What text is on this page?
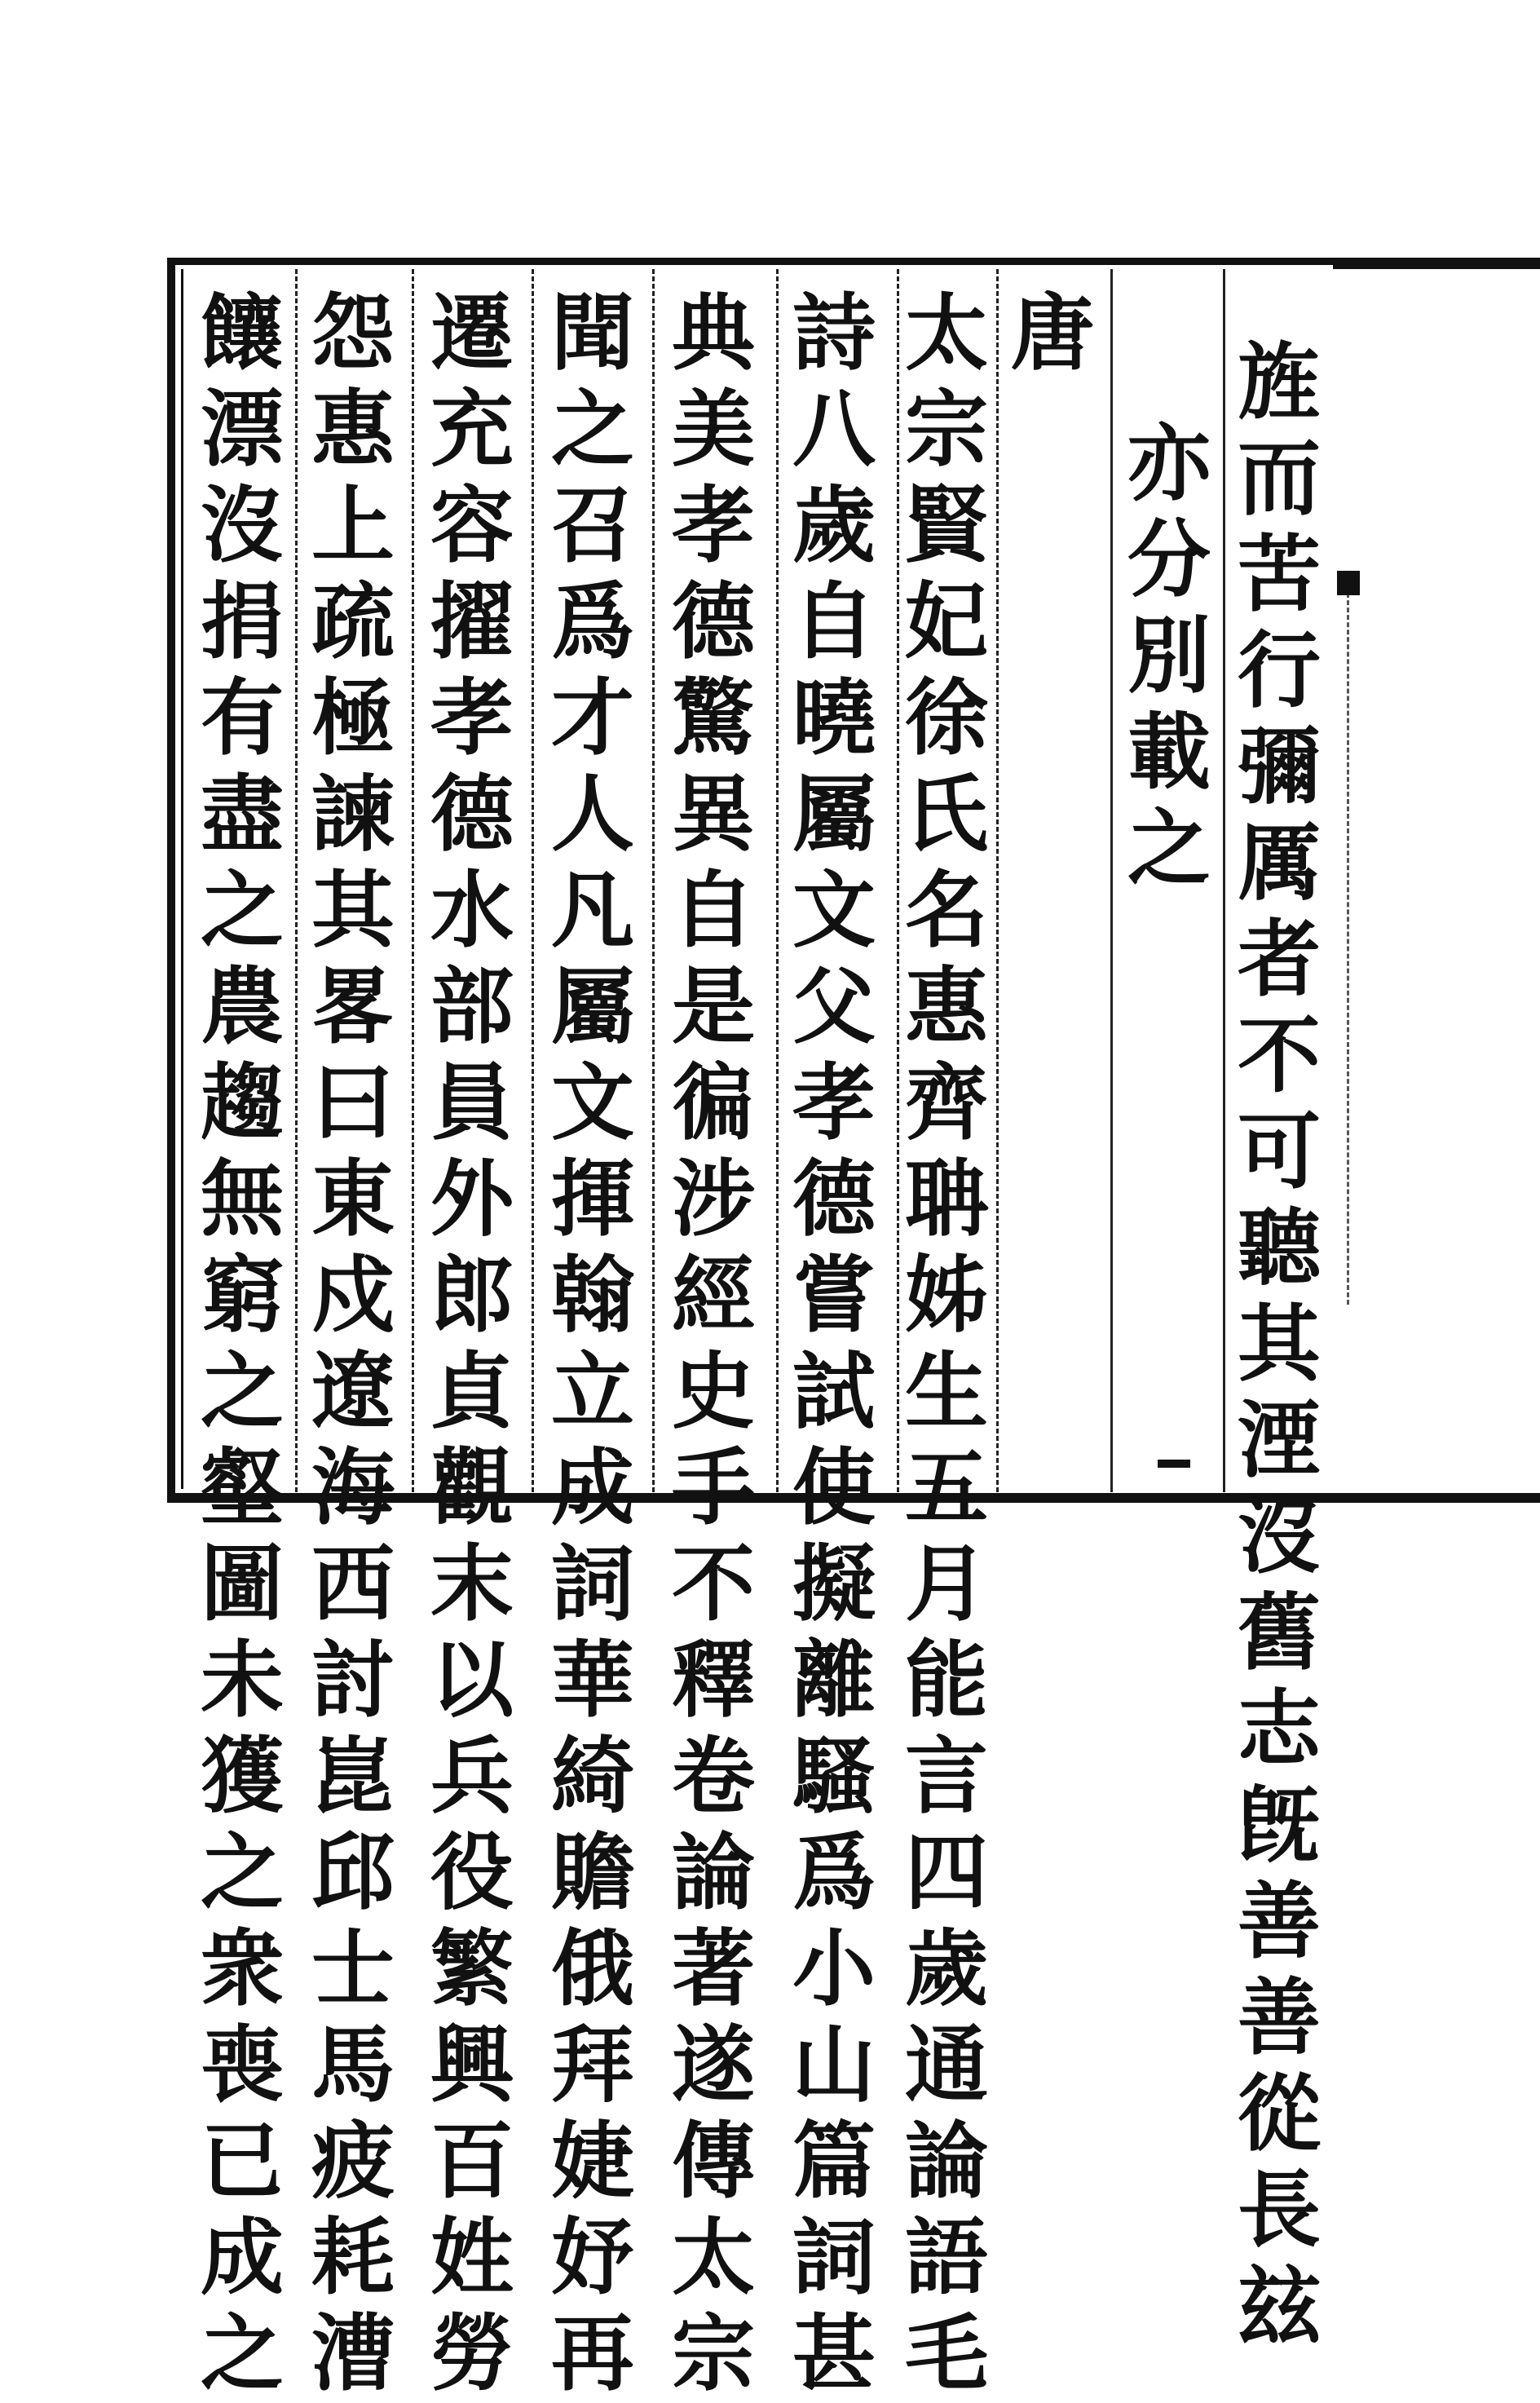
旌而苦行彌厲者不可聽其湮沒舊志旣善善從長玆
亦分別載之
唐
太宗賢妃徐氏名惠齊聃姊生五月能言四歲通論語毛
詩八歲自曉屬文父孝德嘗試使擬離騷爲小山篇詞甚
典美孝德驚異自是徧涉經史手不釋卷論著遂傳太宗
聞之召爲才人凡屬文揮翰立成詞華綺贍俄拜婕妤再
遷充容擢孝德水部員外郎貞觀末以兵役繁興百姓勞
怨惠上疏極諫其畧曰東戍遼海西討崑邱士馬疲耗漕
饟漂沒捐有盡之農趨無窮之壑圖未獲之衆喪已成之
